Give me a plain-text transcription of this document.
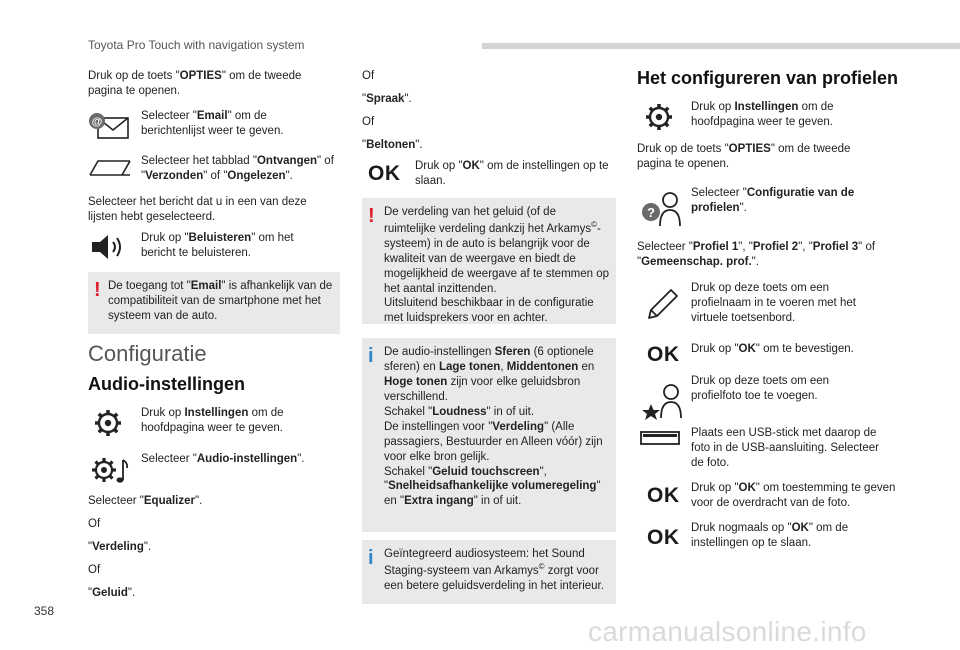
Toyota Pro Touch with navigation system
358
carmanualsonline.info
Druk op de toets "OPTIES" om de tweede pagina te openen.
@	Selecteer "Email" om de berichtenlijst weer te geven.
Selecteer het tabblad "Ontvangen" of "Verzonden" of "Ongelezen".
Selecteer het bericht dat u in een van deze lijsten hebt geselecteerd.
Druk op "Beluisteren" om het bericht te beluisteren.
! De toegang tot "Email" is afhankelijk van de compatibiliteit van de smartphone met het systeem van de auto.
Configuratie
Audio-instellingen
Druk op Instellingen om de hoofdpagina weer te geven.
Selecteer "Audio-instellingen".
Selecteer "Equalizer".
Of
"Verdeling".
Of
"Geluid".
Of
"Spraak".
Of
"Beltonen".
OK Druk op "OK" om de instellingen op te slaan.
! De verdeling van het geluid (of de ruimtelijke verdeling dankzij het Arkamys©-systeem) in de auto is belangrijk voor de kwaliteit van de weergave en biedt de mogelijkheid de weergave af te stemmen op het aantal inzittenden.
Uitsluitend beschikbaar in de configuratie met luidsprekers voor en achter.
i De audio-instellingen Sferen (6 optionele sferen) en Lage tonen, Middentonen en Hoge tonen zijn voor elke geluidsbron verschillend.
Schakel "Loudness" in of uit.
De instellingen voor "Verdeling" (Alle passagiers, Bestuurder en Alleen vóór) zijn voor elke bron gelijk.
Schakel "Geluid touchscreen", "Snelheidsafhankelijke volumeregeling" en "Extra ingang" in of uit.
i Geïntegreerd audiosysteem: het Sound Staging-systeem van Arkamys© zorgt voor een betere geluidsverdeling in het interieur.
Het configureren van profielen
Druk op Instellingen om de hoofdpagina weer te geven.
Druk op de toets "OPTIES" om de tweede pagina te openen.
?
Selecteer "Configuratie van de profielen".
Selecteer "Profiel 1", "Profiel 2", "Profiel 3" of "Gemeenschap. prof.".
Druk op deze toets om een profielnaam in te voeren met het virtuele toetsenbord.
OK Druk op "OK" om te bevestigen.
Druk op deze toets om een profielfoto toe te voegen.
Plaats een USB-stick met daarop de foto in de USB-aansluiting. Selecteer de foto.
OK Druk op "OK" om toestemming te geven voor de overdracht van de foto.
OK Druk nogmaals op "OK" om de instellingen op te slaan.
